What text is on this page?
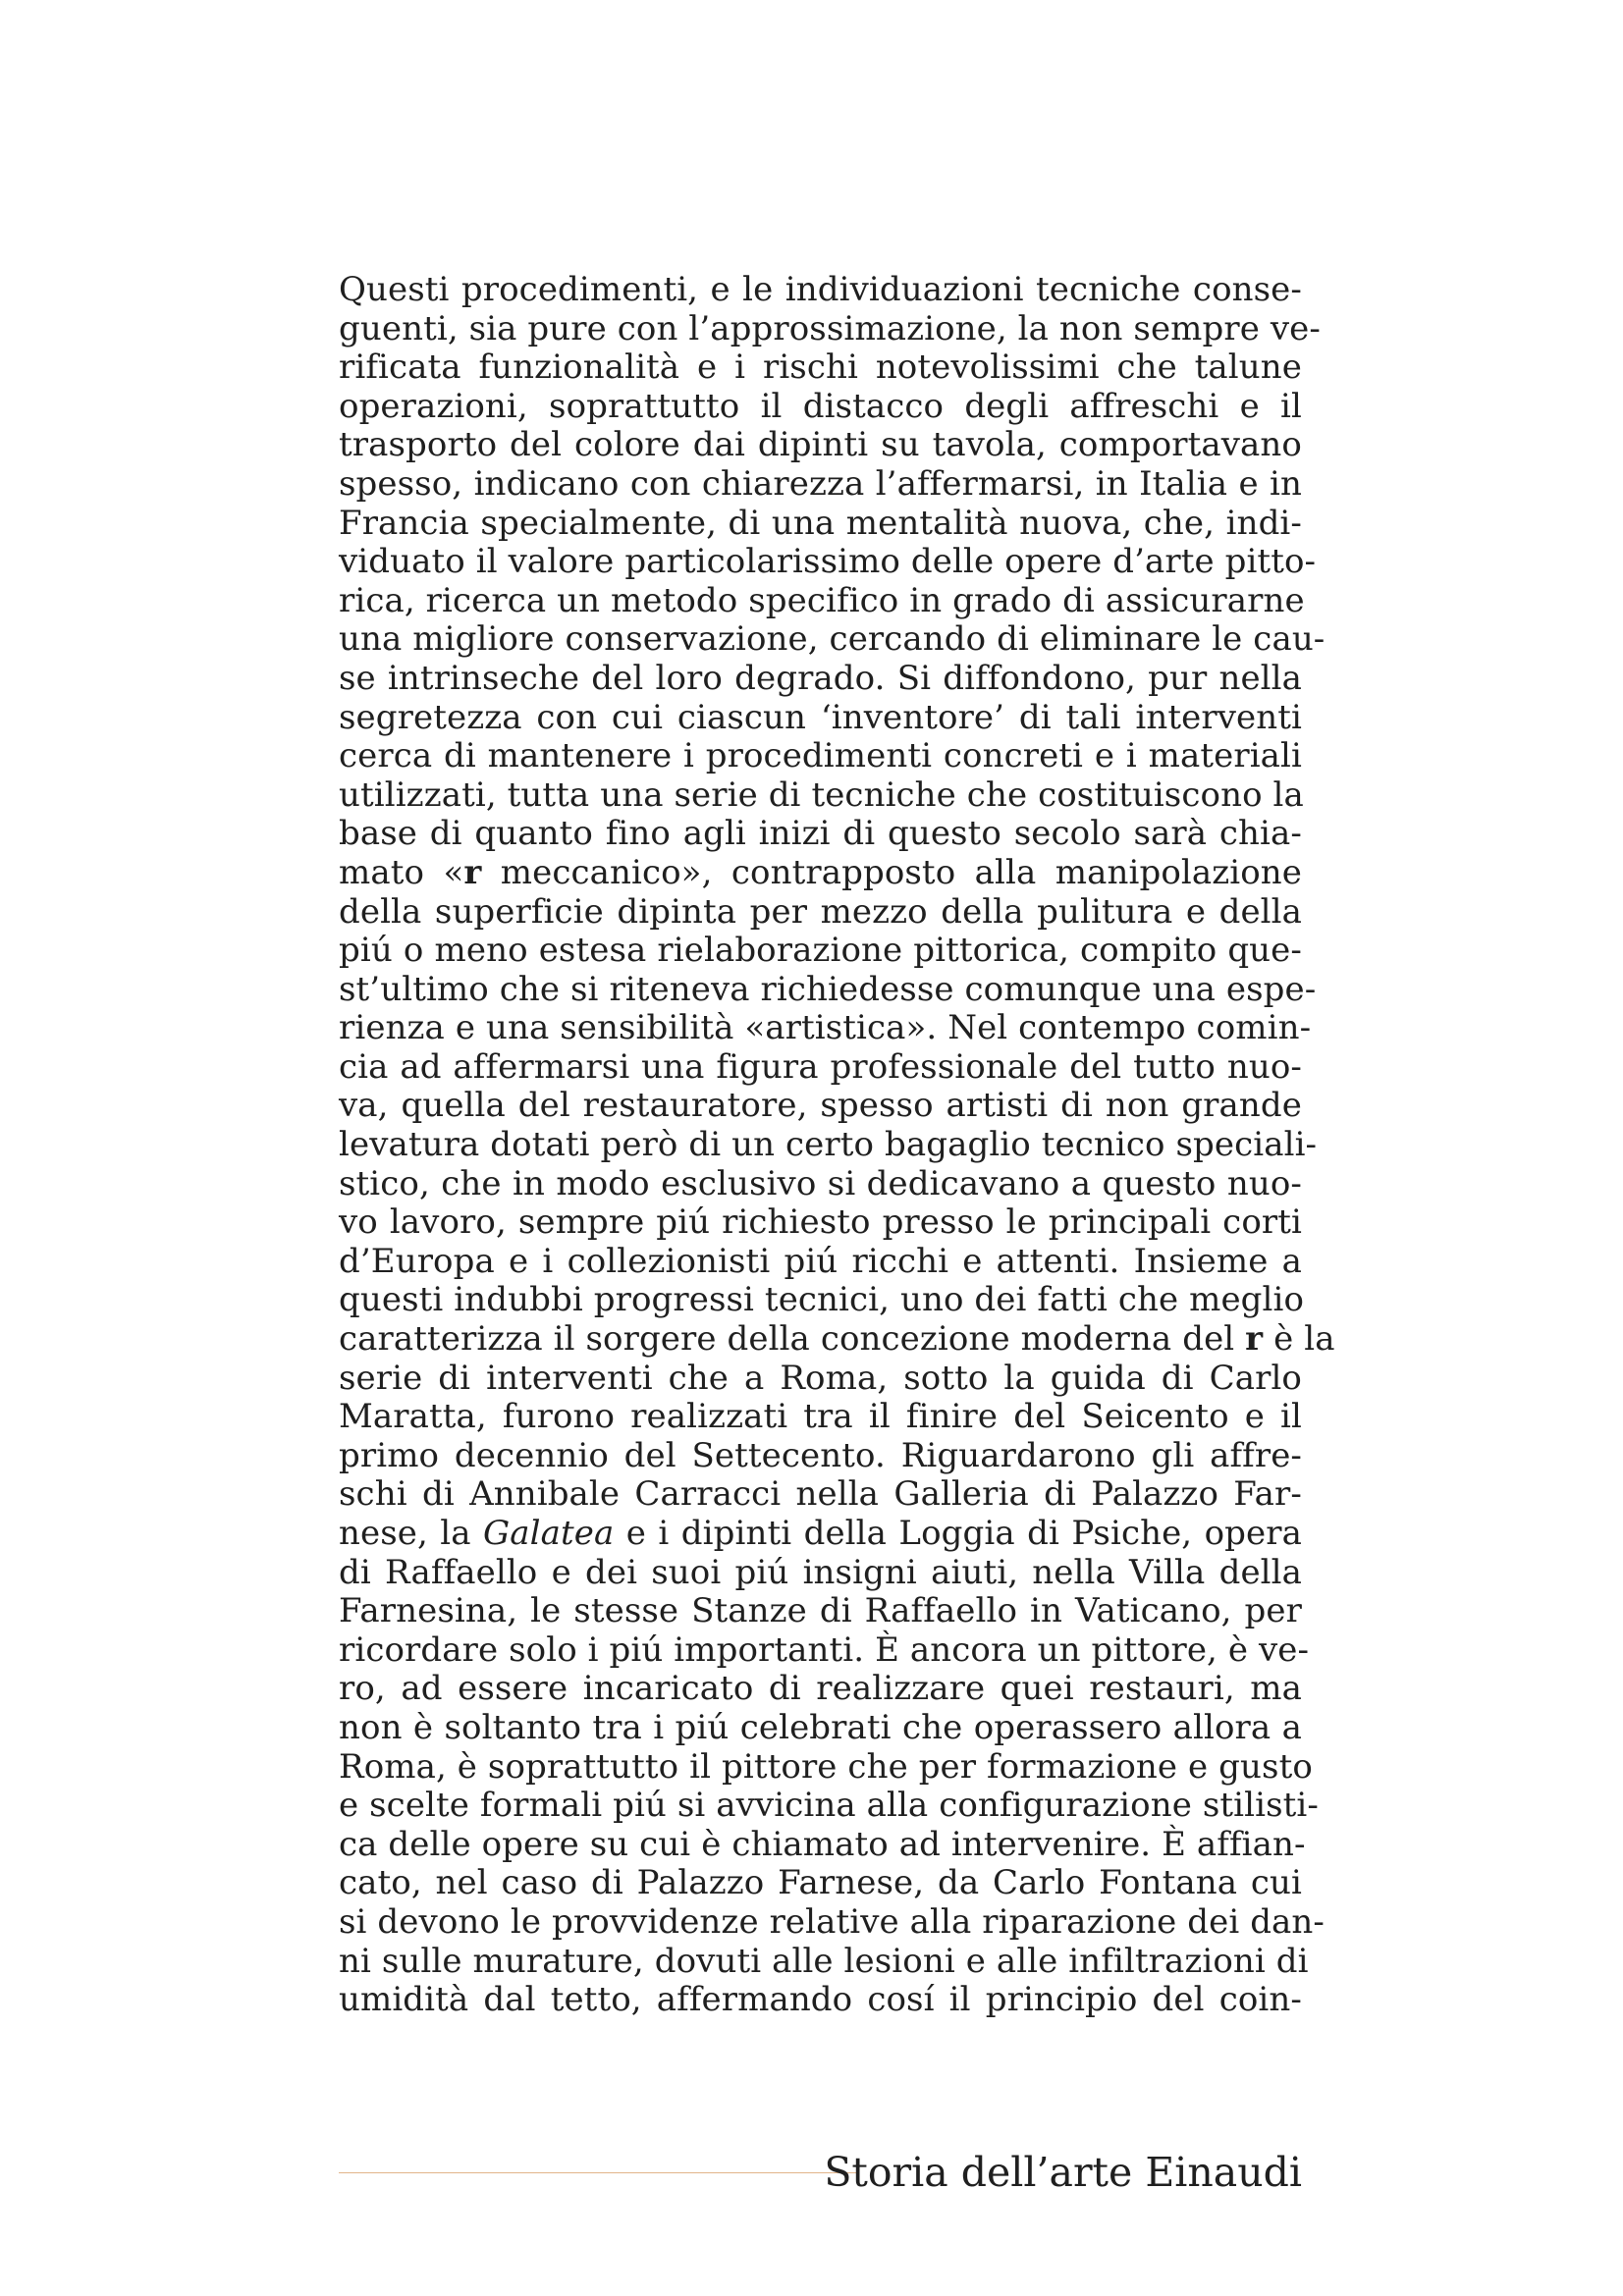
Questi procedimenti, e le individuazioni tecniche conse-
guenti, sia pure con l’approssimazione, la non sempre ve-
rificata funzionalità e i rischi notevolissimi che talune
operazioni, soprattutto il distacco degli affreschi e il
trasporto del colore dai dipinti su tavola, comportavano
spesso, indicano con chiarezza l’affermarsi, in Italia e in
Francia specialmente, di una mentalità nuova, che, indi-
viduato il valore particolarissimo delle opere d’arte pitto-
rica, ricerca un metodo specifico in grado di assicurarne
una migliore conservazione, cercando di eliminare le cau-
se intrinseche del loro degrado. Si diffondono, pur nella
segretezza con cui ciascun ‘inventore’ di tali interventi
cerca di mantenere i procedimenti concreti e i materiali
utilizzati, tutta una serie di tecniche che costituiscono la
base di quanto fino agli inizi di questo secolo sarà chia-
mato «r meccanico», contrapposto alla manipolazione
della superficie dipinta per mezzo della pulitura e della
piú o meno estesa rielaborazione pittorica, compito que-
st’ultimo che si riteneva richiedesse comunque una espe-
rienza e una sensibilità «artistica». Nel contempo comin-
cia ad affermarsi una figura professionale del tutto nuo-
va, quella del restauratore, spesso artisti di non grande
levatura dotati però di un certo bagaglio tecnico speciali-
stico, che in modo esclusivo si dedicavano a questo nuo-
vo lavoro, sempre piú richiesto presso le principali corti
d’Europa e i collezionisti piú ricchi e attenti. Insieme a
questi indubbi progressi tecnici, uno dei fatti che meglio
caratterizza il sorgere della concezione moderna del r è la
serie di interventi che a Roma, sotto la guida di Carlo
Maratta, furono realizzati tra il finire del Seicento e il
primo decennio del Settecento. Riguardarono gli affre-
schi di Annibale Carracci nella Galleria di Palazzo Far-
nese, la Galatea e i dipinti della Loggia di Psiche, opera
di Raffaello e dei suoi piú insigni aiuti, nella Villa della
Farnesina, le stesse Stanze di Raffaello in Vaticano, per
ricordare solo i piú importanti. È ancora un pittore, è ve-
ro, ad essere incaricato di realizzare quei restauri, ma
non è soltanto tra i piú celebrati che operassero allora a
Roma, è soprattutto il pittore che per formazione e gusto
e scelte formali piú si avvicina alla configurazione stilisti-
ca delle opere su cui è chiamato ad intervenire. È affian-
cato, nel caso di Palazzo Farnese, da Carlo Fontana cui
si devono le provvidenze relative alla riparazione dei dan-
ni sulle murature, dovuti alle lesioni e alle infiltrazioni di
umidità dal tetto, affermando cosí il principio del coin-
Storia dell’arte Einaudi
